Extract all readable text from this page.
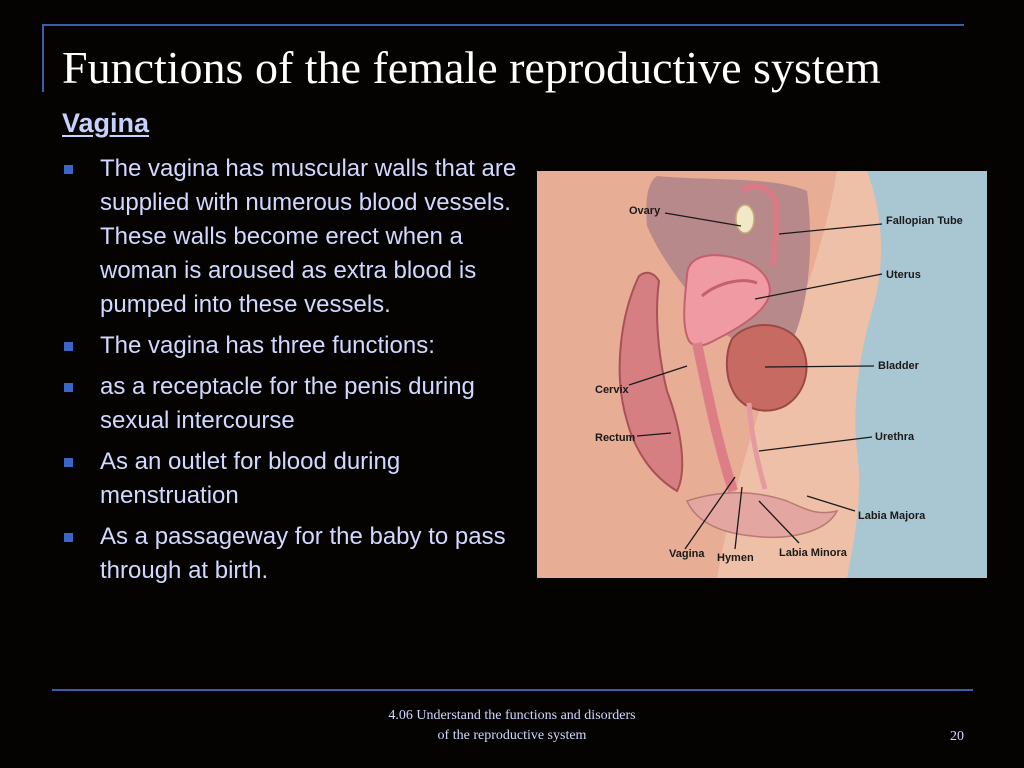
Functions of the female reproductive system
Vagina
The vagina has muscular walls that are supplied with numerous blood vessels. These walls become erect when a woman is aroused as extra blood is pumped into these vessels.
The vagina has three functions:
as a receptacle for the penis during sexual intercourse
As an outlet for blood during menstruation
As a passageway for the baby to pass through at birth.
Ovary
Fallopian Tube
Uterus
Bladder
Cervix
Rectum	Urethra
Labia Majora
Vagina Hymen Labia Minora
4.06 Understand the functions and disorders
of the reproductive system	20
